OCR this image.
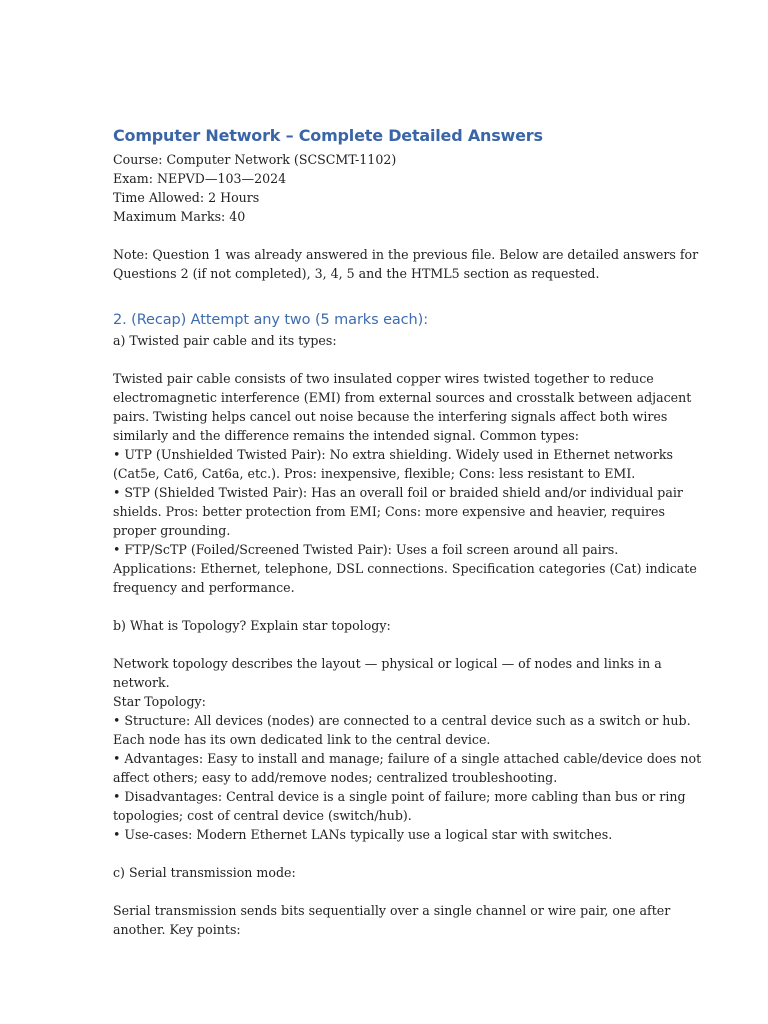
Computer Network – Complete Detailed Answers
Course: Computer Network (SCSCMT-1102)
Exam: NEPVD—103—2024
Time Allowed: 2 Hours
Maximum Marks: 40
Note: Question 1 was already answered in the previous file. Below are detailed answers for
Questions 2 (if not completed), 3, 4, 5 and the HTML5 section as requested.
2. (Recap) Attempt any two (5 marks each):
a) Twisted pair cable and its types:
Twisted pair cable consists of two insulated copper wires twisted together to reduce
electromagnetic interference (EMI) from external sources and crosstalk between adjacent
pairs. Twisting helps cancel out noise because the interfering signals affect both wires
similarly and the difference remains the intended signal. Common types:
• UTP (Unshielded Twisted Pair): No extra shielding. Widely used in Ethernet networks
(Cat5e, Cat6, Cat6a, etc.). Pros: inexpensive, flexible; Cons: less resistant to EMI.
• STP (Shielded Twisted Pair): Has an overall foil or braided shield and/or individual pair
shields. Pros: better protection from EMI; Cons: more expensive and heavier, requires
proper grounding.
• FTP/ScTP (Foiled/Screened Twisted Pair): Uses a foil screen around all pairs.
Applications: Ethernet, telephone, DSL connections. Specification categories (Cat) indicate
frequency and performance.
b) What is Topology? Explain star topology:
Network topology describes the layout — physical or logical — of nodes and links in a
network.
Star Topology:
• Structure: All devices (nodes) are connected to a central device such as a switch or hub.
Each node has its own dedicated link to the central device.
• Advantages: Easy to install and manage; failure of a single attached cable/device does not
affect others; easy to add/remove nodes; centralized troubleshooting.
• Disadvantages: Central device is a single point of failure; more cabling than bus or ring
topologies; cost of central device (switch/hub).
• Use-cases: Modern Ethernet LANs typically use a logical star with switches.
c) Serial transmission mode:
Serial transmission sends bits sequentially over a single channel or wire pair, one after
another. Key points:
